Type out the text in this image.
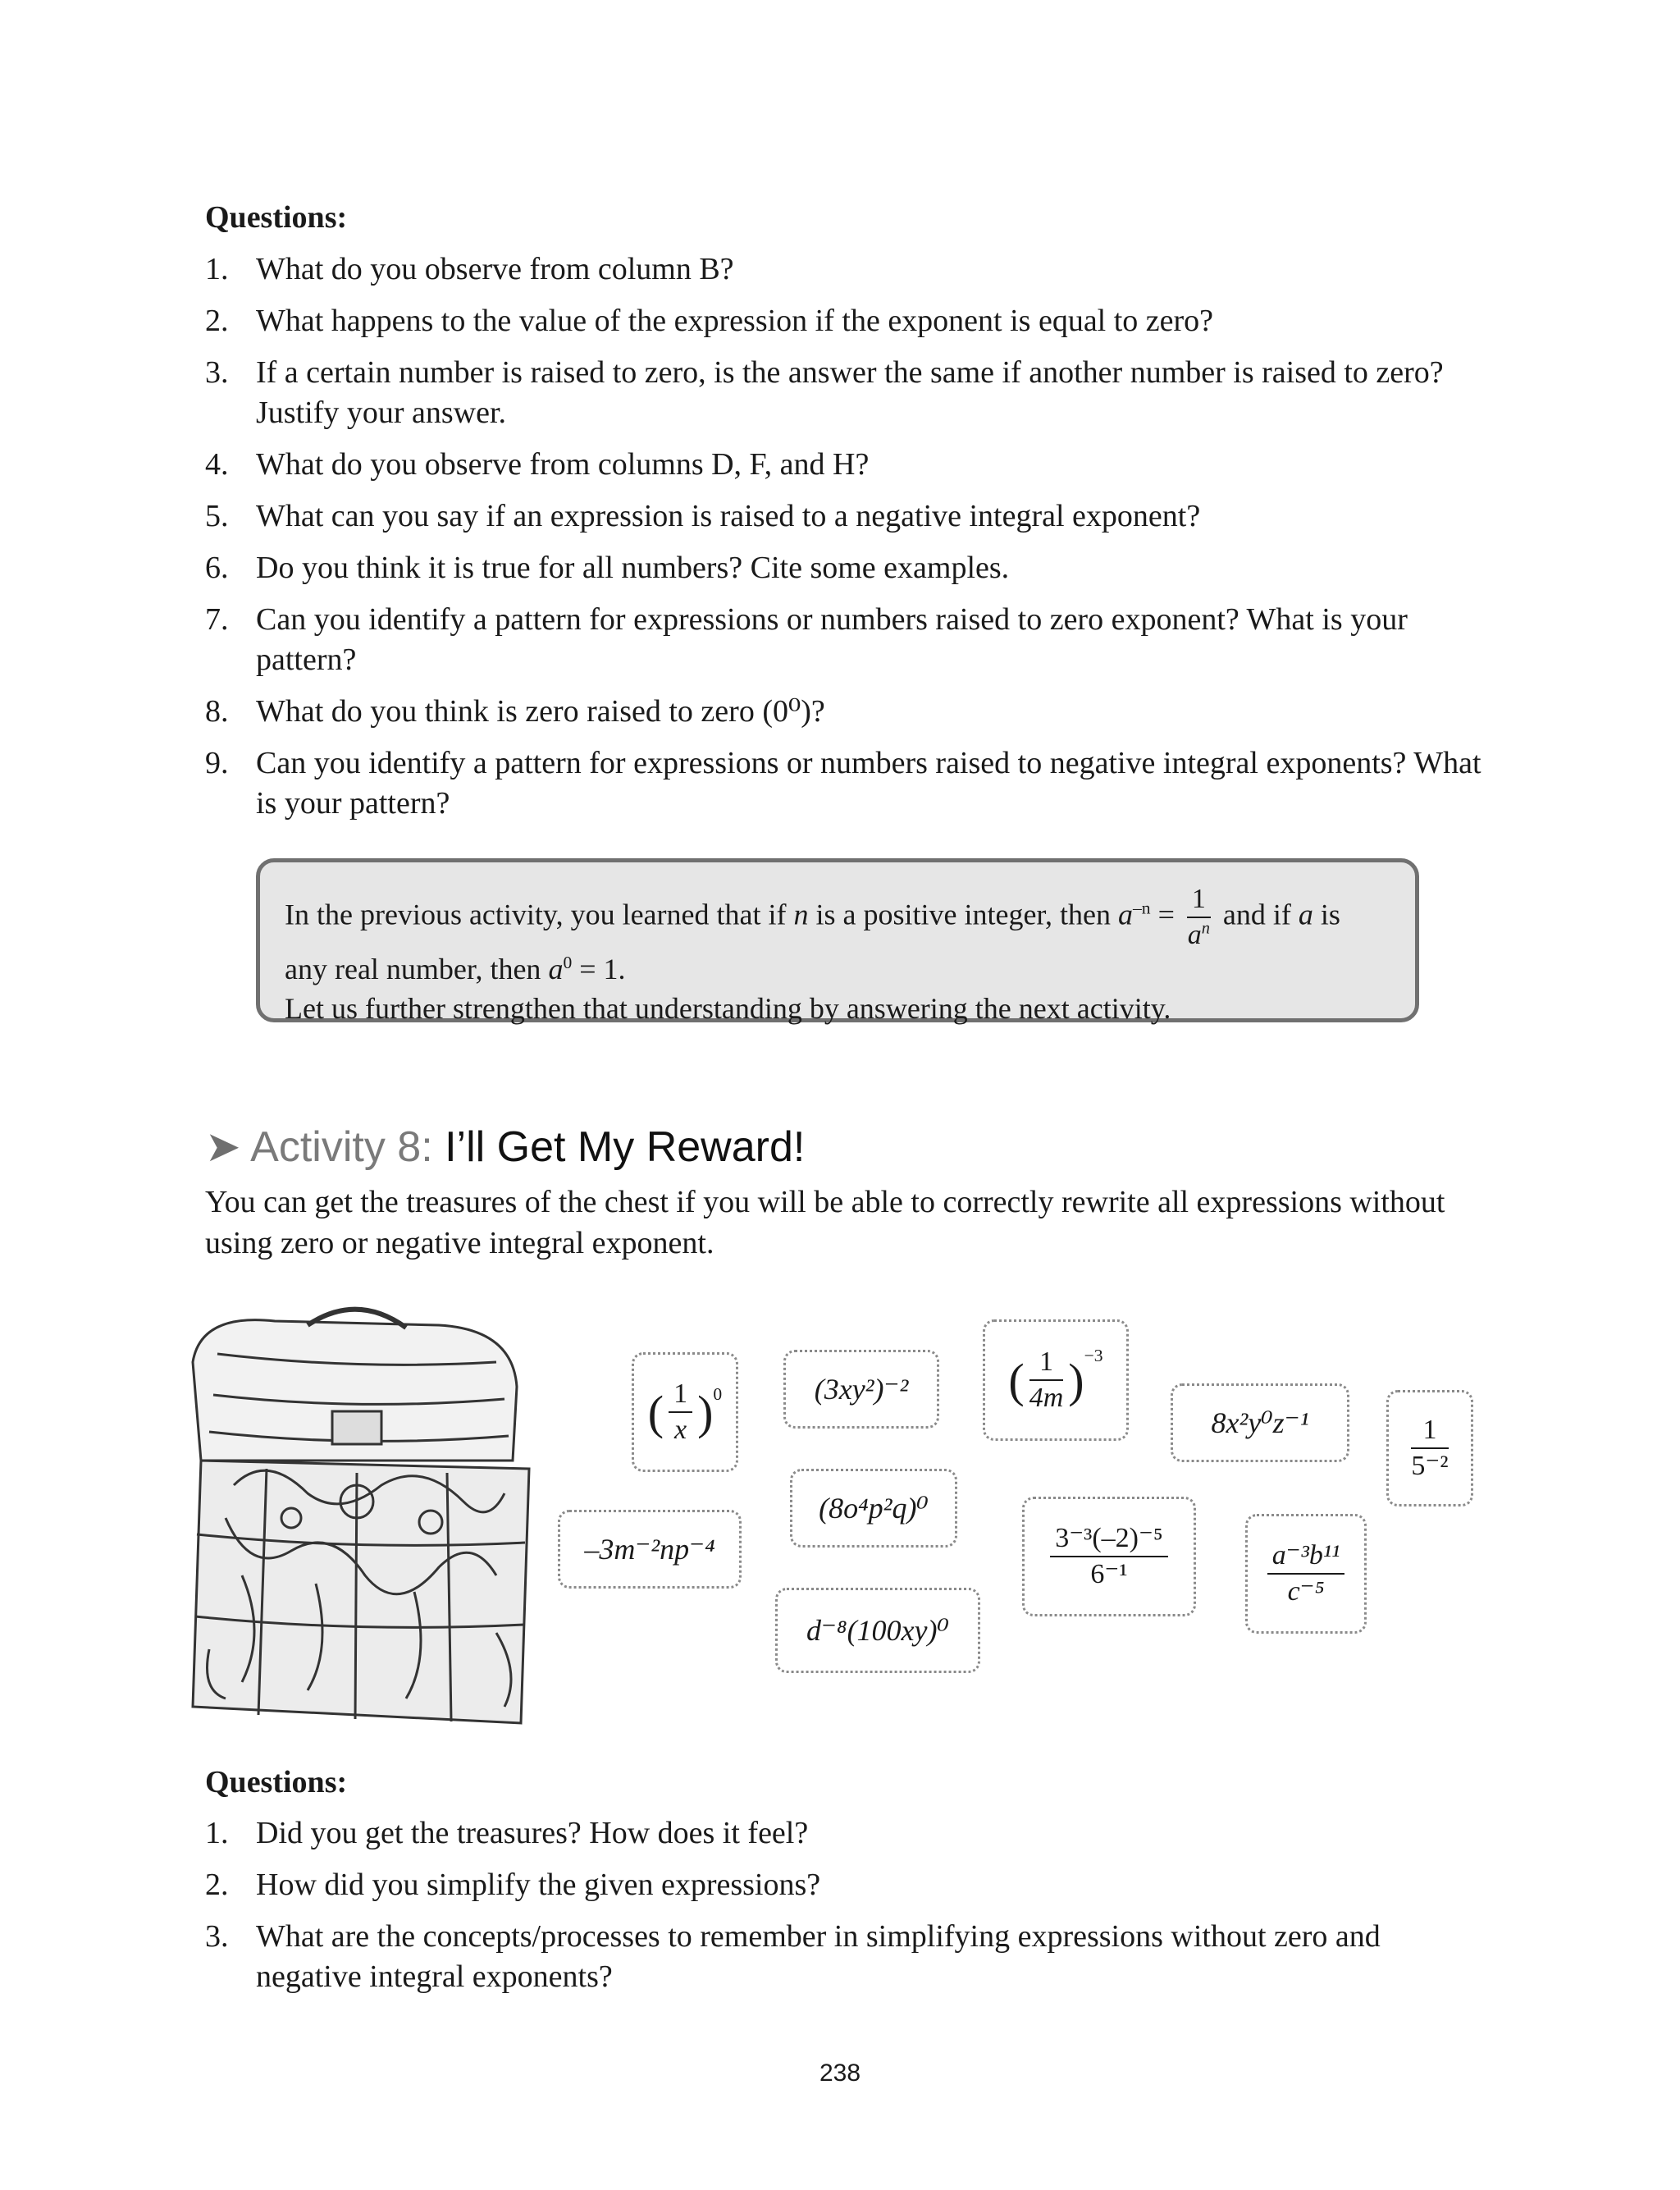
Questions:
1. What do you observe from column B?
2. What happens to the value of the expression if the exponent is equal to zero?
3. If a certain number is raised to zero, is the answer the same if another number is raised to zero? Justify your answer.
4. What do you observe from columns D, F, and H?
5. What can you say if an expression is raised to a negative integral exponent?
6. Do you think it is true for all numbers? Cite some examples.
7. Can you identify a pattern for expressions or numbers raised to zero exponent? What is your pattern?
8. What do you think is zero raised to zero (0⁰)?
9. Can you identify a pattern for expressions or numbers raised to negative integral exponents? What is your pattern?
In the previous activity, you learned that if n is a positive integer, then $a^{-n} = \frac{1}{a^n}$ and if a is
any real number, then $a^0 = 1$.
Let us further strengthen that understanding by answering the next activity.
➤ Activity 8: I’ll Get My Reward!
You can get the treasures of the chest if you will be able to correctly rewrite all expressions without using zero or negative integral exponent.
( $\frac{1}{x} )^0$	(3xy²)⁻² ( $\frac{1}{4m} )^{-3}$
8x²y⁰z⁻¹	$\frac{1}{\text{5⁻²}}$
–3m⁻²np⁻⁴
(8o⁴p²q)⁰
$\frac{\text{3⁻³(–2)⁻⁵}}{\text{6⁻¹}}$	$\frac{\text{a⁻³b¹¹}}{\text{c⁻⁵}}$
d⁻⁸(100xy)⁰
Questions:
1. Did you get the treasures? How does it feel?
2. How did you simplify the given expressions?
3. What are the concepts/processes to remember in simplifying expressions without zero and negative integral exponents?
238
